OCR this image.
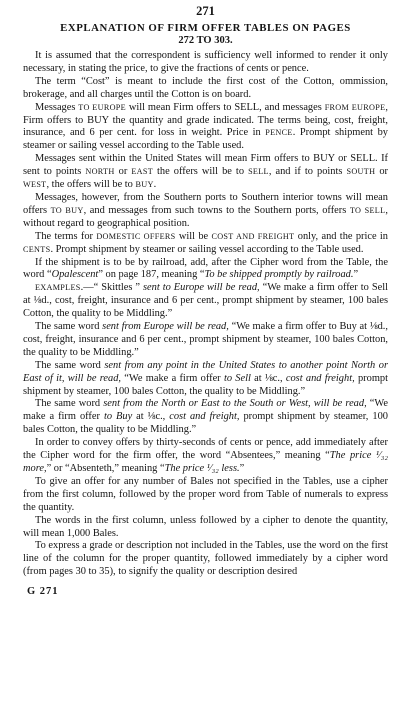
271
EXPLANATION OF FIRM OFFER TABLES ON PAGES
272 TO 303.

It is assumed that the correspondent is sufficiency well informed to render it only necessary, in stating the price, to give the fractions of cents or pence.

The term “Cost” is meant to include the first cost of the Cotton, ommission, brokerage, and all charges until the Cotton is on board.

Messages TO EUROPE will mean Firm offers to SELL, and messages FROM EUROPE, Firm offers to BUY the quantity and grade indicated. The terms being, cost, freight, insurance, and 6 per cent. for loss in weight. Price in PENCE. Prompt shipment by steamer or sailing vessel according to the Table used.

Messages sent within the United States will mean Firm offers to BUY or SELL. If sent to points NORTH or EAST the offers will be to SELL, and if to points SOUTH or WEST, the offers will be to BUY.

Messages, however, from the Southern ports to Southern interior towns will mean offers TO BUY, and messages from such towns to the Southern ports, offers TO SELL, without regard to geographical position.

The terms for DOMESTIC OFFERS will be COST AND FREIGHT only, and the price in CENTS. Prompt shipment by steamer or sailing vessel according to the Table used.

If the shipment is to be by railroad, add, after the Cipher word from the Table, the word “Opalescent” on page 187, meaning “To be shipped promptly by railroad.”

EXAMPLES.—“ Skittles ” sent to Europe will be read, “We make a firm offer to Sell at ⅛d., cost, freight, insurance and 6 per cent., prompt shipment by steamer, 100 bales Cotton, the quality to be Middling.”

The same word sent from Europe will be read, “We make a firm offer to Buy at ⅛d., cost, freight, insurance and 6 per cent., prompt shipment by steamer, 100 bales Cotton, the quality to be Middling.”

The same word sent from any point in the United States to another point North or East of it, will be read, “We make a firm offer to Sell at ⅛c., cost and freight, prompt shipment by steamer, 100 bales Cotton, the quality to be Middling.”

The same word sent from the North or East to the South or West, will be read, “We make a firm offer to Buy at ⅛c., cost and freight, prompt shipment by steamer, 100 bales Cotton, the quality to be Middling.”

In order to convey offers by thirty-seconds of cents or pence, add immediately after the Cipher word for the firm offer, the word “Absentees,” meaning “The price ¹⁄₃₂ more,” or “Absenteth,” meaning “The price ¹⁄₃₂ less.”

To give an offer for any number of Bales not specified in the Tables, use a cipher from the first column, followed by the proper word from Table of numerals to express the quantity.

The words in the first column, unless followed by a cipher to denote the quantity, will mean 1,000 Bales.

To express a grade or description not included in the Tables, use the word on the first line of the column for the proper quantity, followed immediately by a cipher word (from pages 30 to 35), to signify the quality or description desired

G 271
